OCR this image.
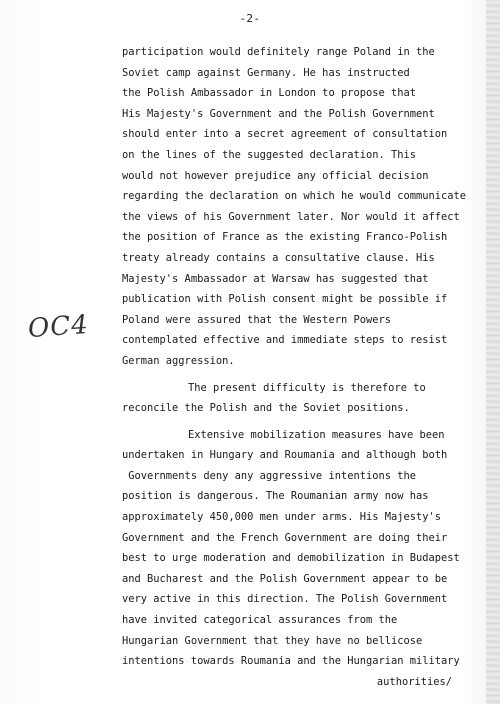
-2-
OC4
participation would definitely range Poland in the
Soviet camp against Germany. He has instructed
the Polish Ambassador in London to propose that
His Majesty's Government and the Polish Government
should enter into a secret agreement of consultation
on the lines of the suggested declaration. This
would not however prejudice any official decision
regarding the declaration on which he would communicate
the views of his Government later. Nor would it affect
the position of France as the existing Franco-Polish
treaty already contains a consultative clause. His
Majesty's Ambassador at Warsaw has suggested that
publication with Polish consent might be possible if
Poland were assured that the Western Powers
contemplated effective and immediate steps to resist
German aggression.
The present difficulty is therefore to
reconcile the Polish and the Soviet positions.
Extensive mobilization measures have been
undertaken in Hungary and Roumania and although both
Governments deny any aggressive intentions the
position is dangerous. The Roumanian army now has
approximately 450,000 men under arms. His Majesty's
Government and the French Government are doing their
best to urge moderation and demobilization in Budapest
and Bucharest and the Polish Government appear to be
very active in this direction. The Polish Government
have invited categorical assurances from the
Hungarian Government that they have no bellicose
intentions towards Roumania and the Hungarian military
authorities/
